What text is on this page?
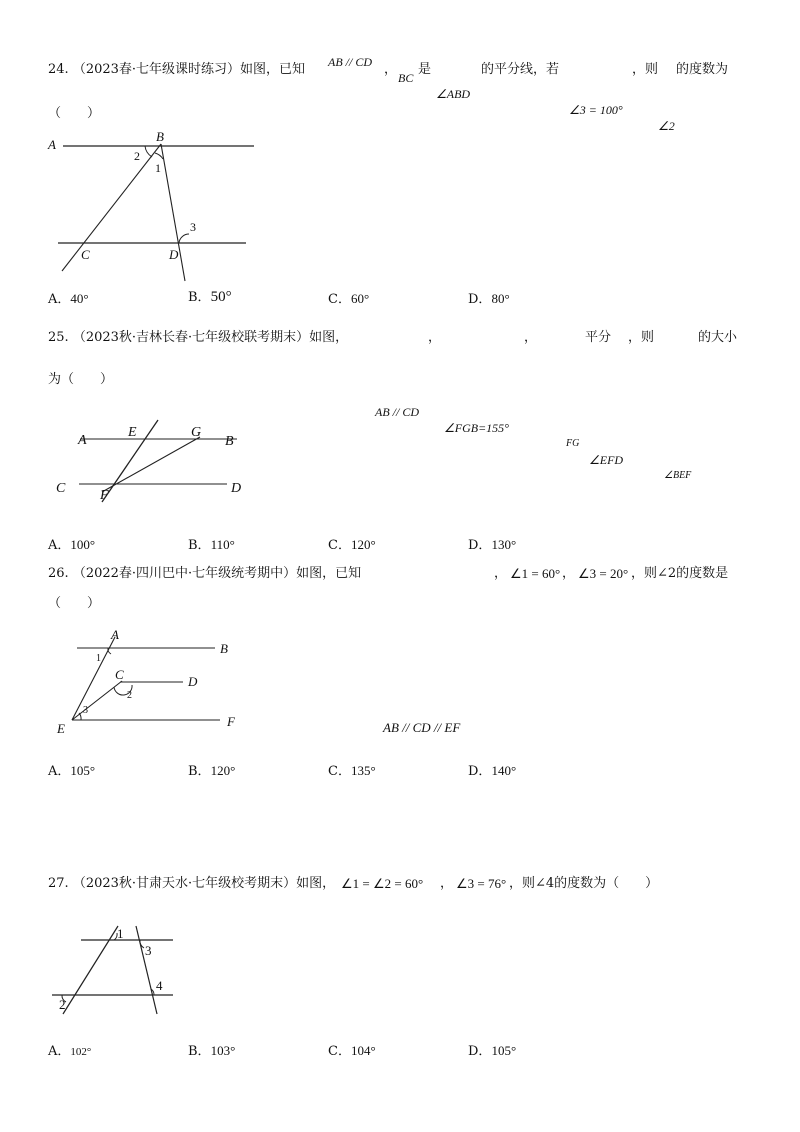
24. （2023春·七年级课时练习）如图，已知 AB // CD ，
BC
是
∠ABD
的平分线，若
∠3 = 100°
，则
∠2
的度数为
（　　）
A
B
C	D
2
1
3
A．40°	B．50°	C．60°	D．80°
25. （2023秋·吉林长春·七年级校联考期末）如图，
AB // CD
，
∠FGB=155°
，
FG
平分
∠EFD
，则
∠BEF
的大小
为（　　）
A
E	G
B
C F	D
A．100°	B．110°	C．120°	D．130°
26. （2022春·四川巴中·七年级统考期中）如图，已知
AB // CD // EF
， ∠1 = 60° ， ∠3 = 20° ，则∠2的度数是
（　　）
A
B
C	D
E	F
1
2
3
A．105°	B．120°	C．135°	D．140°
27. （2023秋·甘肃天水·七年级校考期末）如图， ∠1 = ∠2 = 60° ， ∠3 = 76° ，则∠4的度数为（　　）
1
3
2
4
A．102°	B．103°	C．104°	D．105°
